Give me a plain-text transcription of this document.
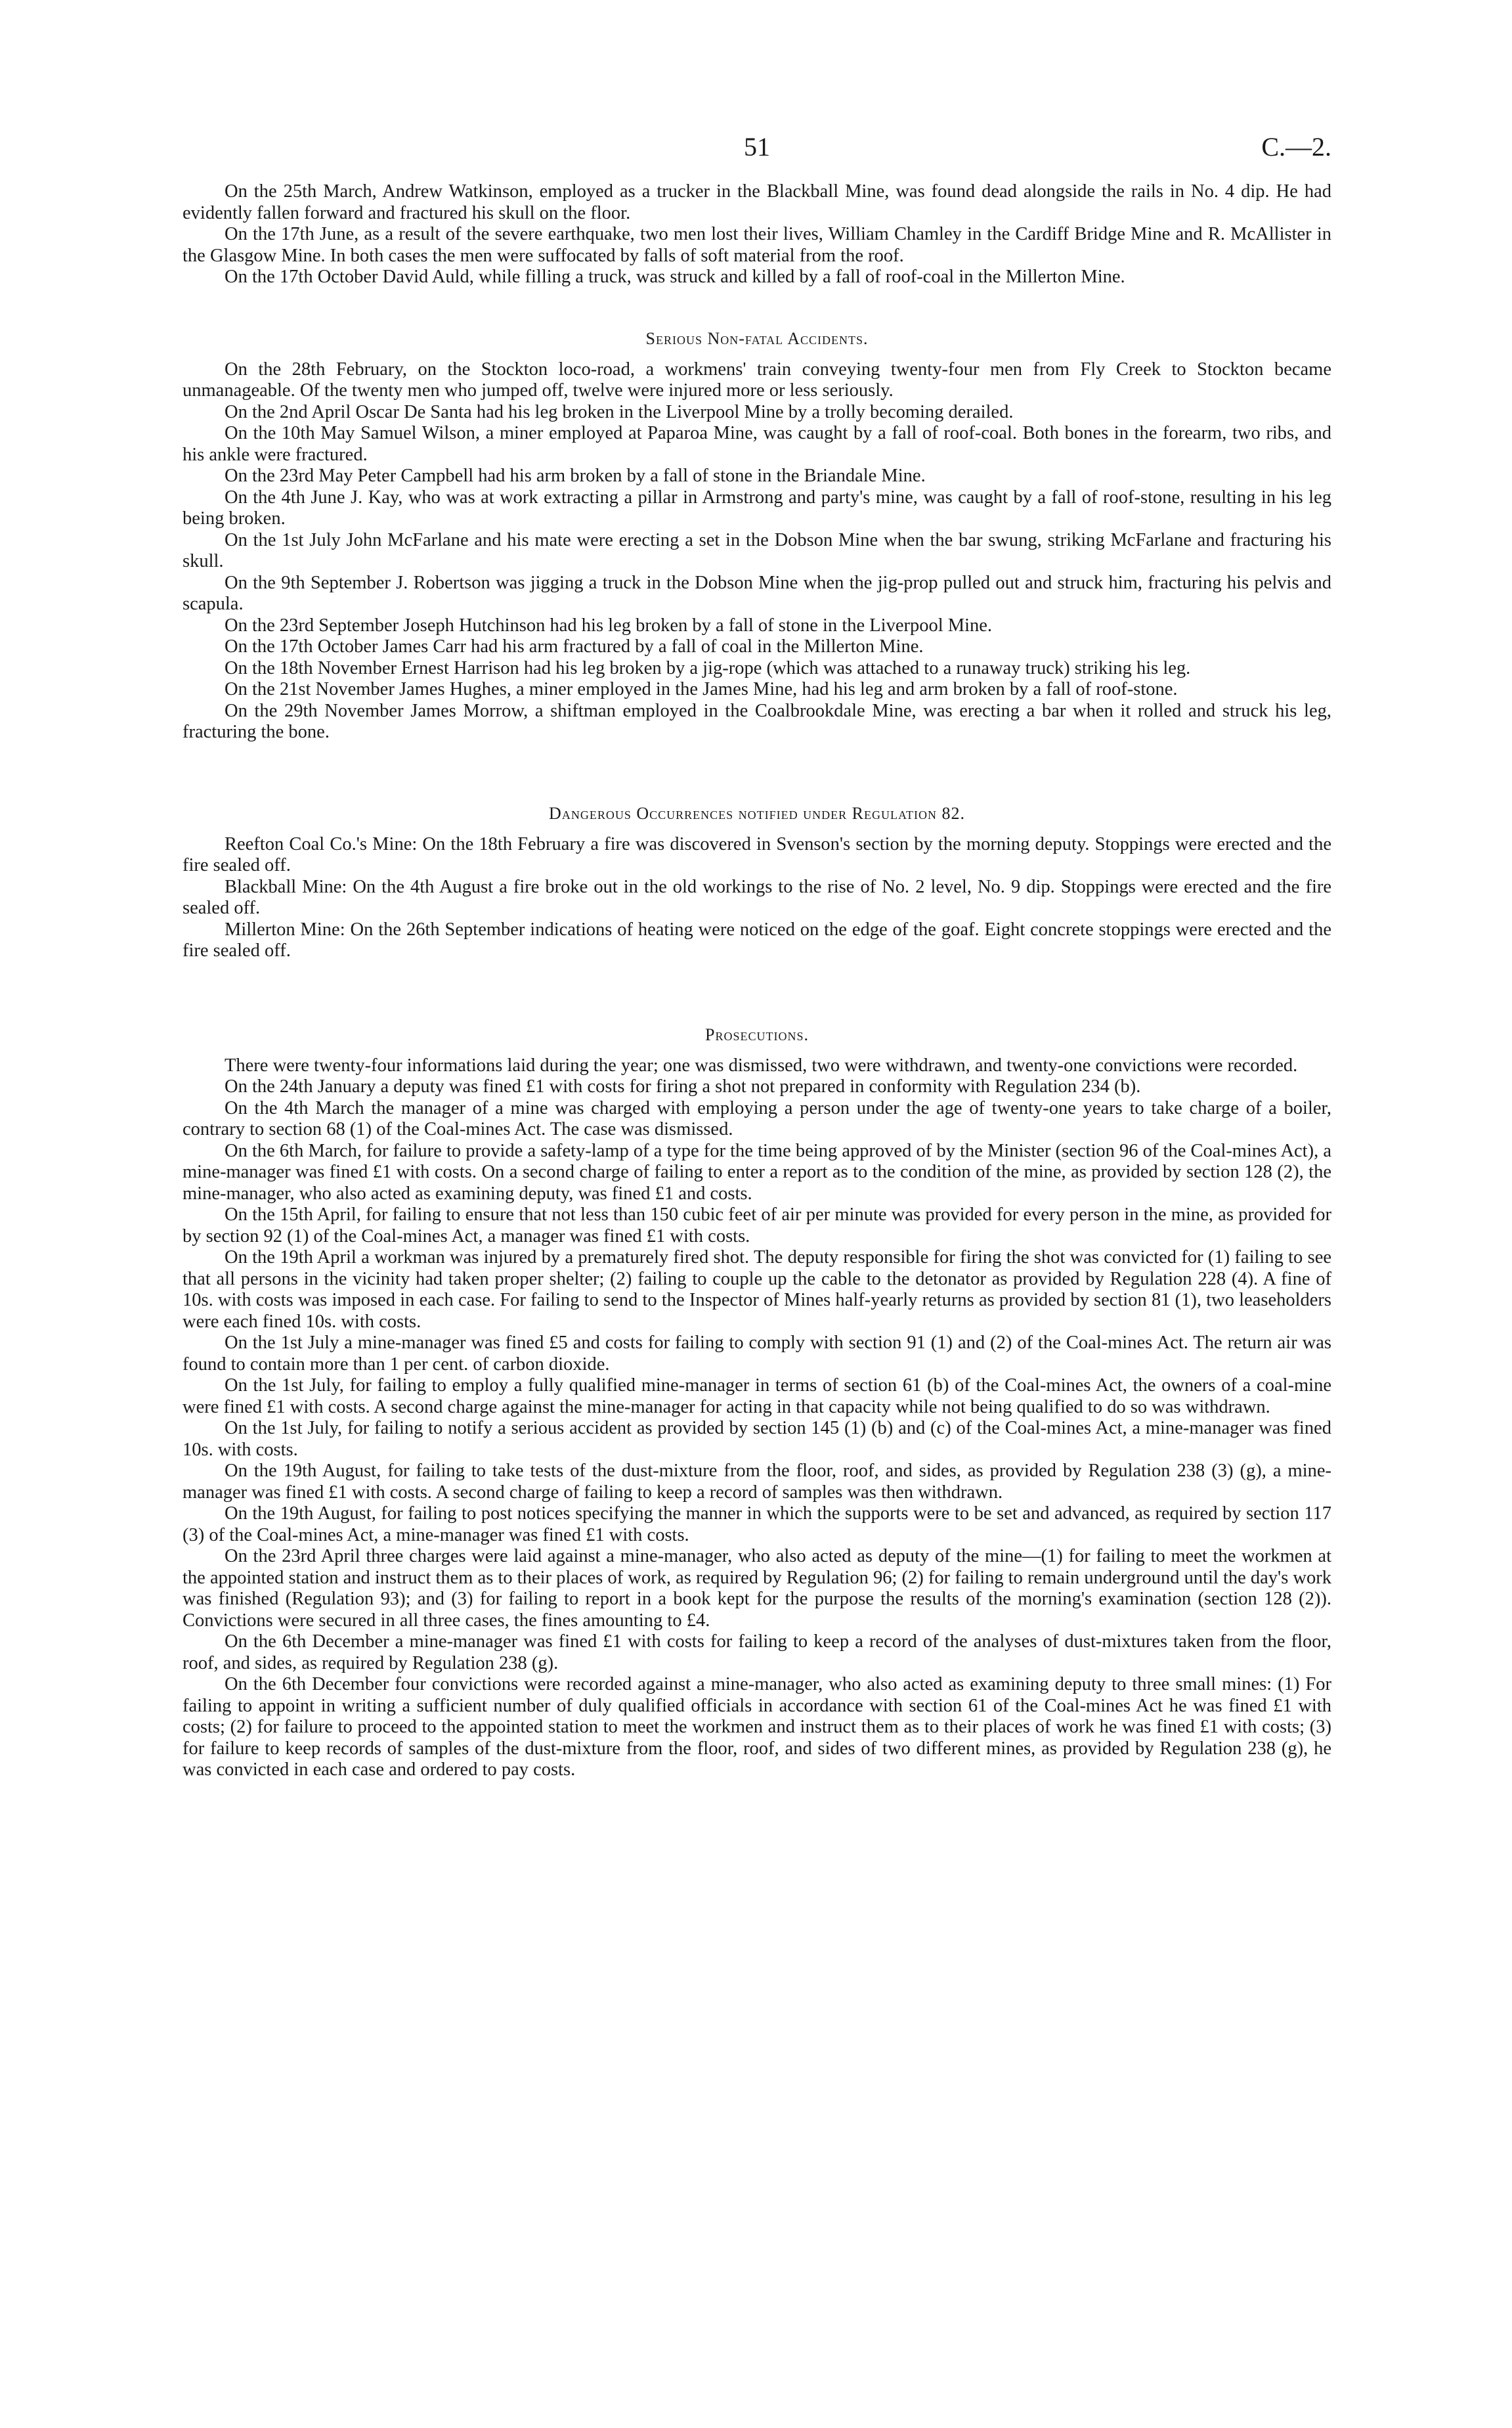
51	C.—2.

On the 25th March, Andrew Watkinson, employed as a trucker in the Blackball Mine, was found dead alongside the rails in No. 4 dip. He had evidently fallen forward and fractured his skull on the floor.

On the 17th June, as a result of the severe earthquake, two men lost their lives, William Chamley in the Cardiff Bridge Mine and R. McAllister in the Glasgow Mine. In both cases the men were suffocated by falls of soft material from the roof.

On the 17th October David Auld, while filling a truck, was struck and killed by a fall of roof-coal in the Millerton Mine.

Serious Non-fatal Accidents.

On the 28th February, on the Stockton loco-road, a workmens' train conveying twenty-four men from Fly Creek to Stockton became unmanageable. Of the twenty men who jumped off, twelve were injured more or less seriously.

On the 2nd April Oscar De Santa had his leg broken in the Liverpool Mine by a trolly becoming derailed.

On the 10th May Samuel Wilson, a miner employed at Paparoa Mine, was caught by a fall of roof-coal. Both bones in the forearm, two ribs, and his ankle were fractured.

On the 23rd May Peter Campbell had his arm broken by a fall of stone in the Briandale Mine.

On the 4th June J. Kay, who was at work extracting a pillar in Armstrong and party's mine, was caught by a fall of roof-stone, resulting in his leg being broken.

On the 1st July John McFarlane and his mate were erecting a set in the Dobson Mine when the bar swung, striking McFarlane and fracturing his skull.

On the 9th September J. Robertson was jigging a truck in the Dobson Mine when the jig-prop pulled out and struck him, fracturing his pelvis and scapula.

On the 23rd September Joseph Hutchinson had his leg broken by a fall of stone in the Liverpool Mine.

On the 17th October James Carr had his arm fractured by a fall of coal in the Millerton Mine.

On the 18th November Ernest Harrison had his leg broken by a jig-rope (which was attached to a runaway truck) striking his leg.

On the 21st November James Hughes, a miner employed in the James Mine, had his leg and arm broken by a fall of roof-stone.

On the 29th November James Morrow, a shiftman employed in the Coalbrookdale Mine, was erecting a bar when it rolled and struck his leg, fracturing the bone.

Dangerous Occurrences notified under Regulation 82.

Reefton Coal Co.'s Mine: On the 18th February a fire was discovered in Svenson's section by the morning deputy. Stoppings were erected and the fire sealed off.

Blackball Mine: On the 4th August a fire broke out in the old workings to the rise of No. 2 level, No. 9 dip. Stoppings were erected and the fire sealed off.

Millerton Mine: On the 26th September indications of heating were noticed on the edge of the goaf. Eight concrete stoppings were erected and the fire sealed off.

Prosecutions.

There were twenty-four informations laid during the year; one was dismissed, two were withdrawn, and twenty-one convictions were recorded.

On the 24th January a deputy was fined £1 with costs for firing a shot not prepared in conformity with Regulation 234 (b).

On the 4th March the manager of a mine was charged with employing a person under the age of twenty-one years to take charge of a boiler, contrary to section 68 (1) of the Coal-mines Act. The case was dismissed.

On the 6th March, for failure to provide a safety-lamp of a type for the time being approved of by the Minister (section 96 of the Coal-mines Act), a mine-manager was fined £1 with costs. On a second charge of failing to enter a report as to the condition of the mine, as provided by section 128 (2), the mine-manager, who also acted as examining deputy, was fined £1 and costs.

On the 15th April, for failing to ensure that not less than 150 cubic feet of air per minute was provided for every person in the mine, as provided for by section 92 (1) of the Coal-mines Act, a manager was fined £1 with costs.

On the 19th April a workman was injured by a prematurely fired shot. The deputy responsible for firing the shot was convicted for (1) failing to see that all persons in the vicinity had taken proper shelter; (2) failing to couple up the cable to the detonator as provided by Regulation 228 (4). A fine of 10s. with costs was imposed in each case. For failing to send to the Inspector of Mines half-yearly returns as provided by section 81 (1), two leaseholders were each fined 10s. with costs.

On the 1st July a mine-manager was fined £5 and costs for failing to comply with section 91 (1) and (2) of the Coal-mines Act. The return air was found to contain more than 1 per cent. of carbon dioxide.

On the 1st July, for failing to employ a fully qualified mine-manager in terms of section 61 (b) of the Coal-mines Act, the owners of a coal-mine were fined £1 with costs. A second charge against the mine-manager for acting in that capacity while not being qualified to do so was withdrawn.

On the 1st July, for failing to notify a serious accident as provided by section 145 (1) (b) and (c) of the Coal-mines Act, a mine-manager was fined 10s. with costs.

On the 19th August, for failing to take tests of the dust-mixture from the floor, roof, and sides, as provided by Regulation 238 (3) (g), a mine-manager was fined £1 with costs. A second charge of failing to keep a record of samples was then withdrawn.

On the 19th August, for failing to post notices specifying the manner in which the supports were to be set and advanced, as required by section 117 (3) of the Coal-mines Act, a mine-manager was fined £1 with costs.

On the 23rd April three charges were laid against a mine-manager, who also acted as deputy of the mine—(1) for failing to meet the workmen at the appointed station and instruct them as to their places of work, as required by Regulation 96; (2) for failing to remain underground until the day's work was finished (Regulation 93); and (3) for failing to report in a book kept for the purpose the results of the morning's examination (section 128 (2)). Convictions were secured in all three cases, the fines amounting to £4.

On the 6th December a mine-manager was fined £1 with costs for failing to keep a record of the analyses of dust-mixtures taken from the floor, roof, and sides, as required by Regulation 238 (g).

On the 6th December four convictions were recorded against a mine-manager, who also acted as examining deputy to three small mines: (1) For failing to appoint in writing a sufficient number of duly qualified officials in accordance with section 61 of the Coal-mines Act he was fined £1 with costs; (2) for failure to proceed to the appointed station to meet the workmen and instruct them as to their places of work he was fined £1 with costs; (3) for failure to keep records of samples of the dust-mixture from the floor, roof, and sides of two different mines, as provided by Regulation 238 (g), he was convicted in each case and ordered to pay costs.
